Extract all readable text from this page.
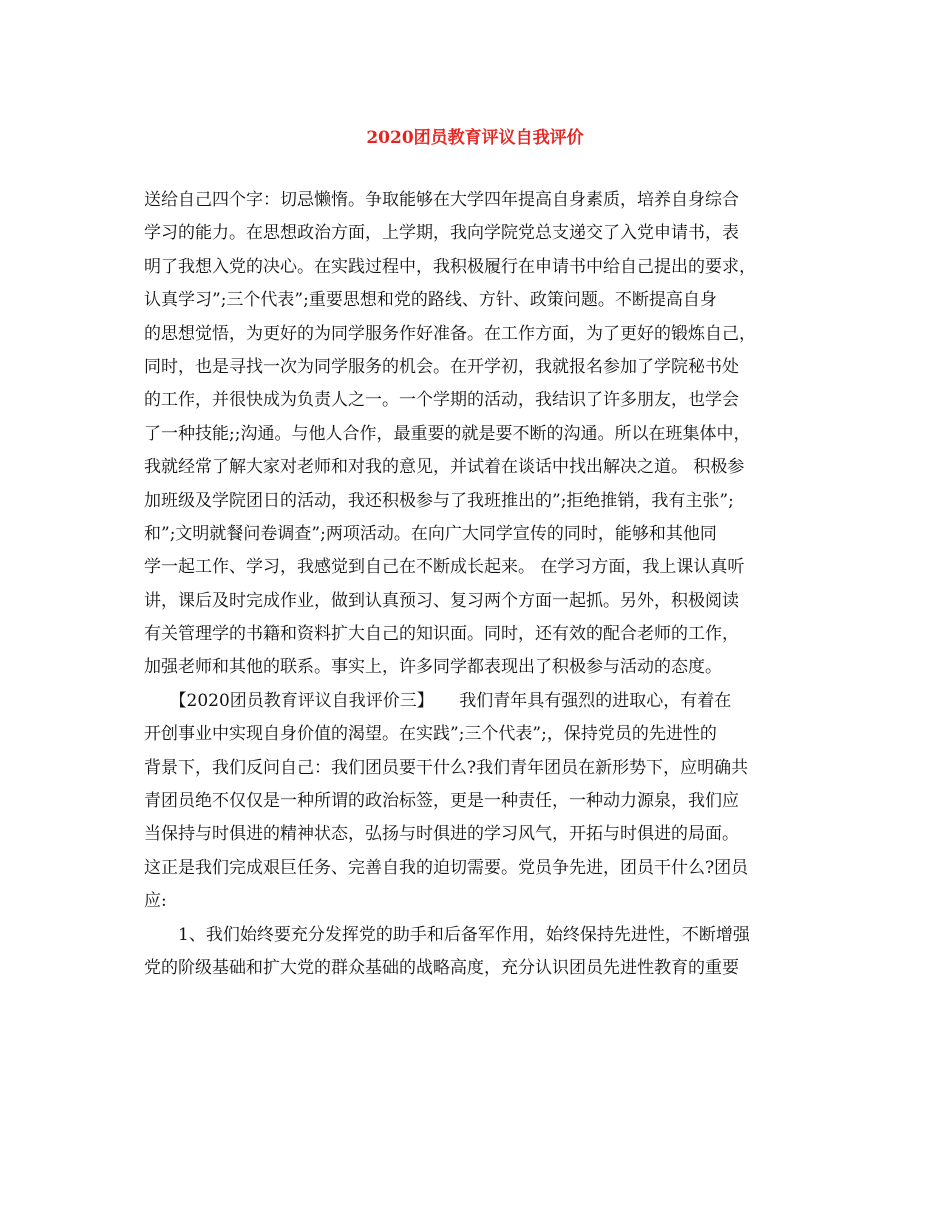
2020团员教育评议自我评价
送给自己四个字：切忌懒惰。争取能够在大学四年提高自身素质，培养自身综合
学习的能力。在思想政治方面，上学期，我向学院党总支递交了入党申请书，表
明了我想入党的决心。在实践过程中，我积极履行在申请书中给自己提出的要求，
认真学习”;三个代表”;重要思想和党的路线、方针、政策问题。不断提高自身
的思想觉悟，为更好的为同学服务作好准备。在工作方面，为了更好的锻炼自己，
同时，也是寻找一次为同学服务的机会。在开学初，我就报名参加了学院秘书处
的工作，并很快成为负责人之一。一个学期的活动，我结识了许多朋友，也学会
了一种技能;;沟通。与他人合作，最重要的就是要不断的沟通。所以在班集体中，
我就经常了解大家对老师和对我的意见，并试着在谈话中找出解决之道。 积极参
加班级及学院团日的活动，我还积极参与了我班推出的”;拒绝推销，我有主张”;
和”;文明就餐问卷调查”;两项活动。在向广大同学宣传的同时，能够和其他同
学一起工作、学习，我感觉到自己在不断成长起来。 在学习方面，我上课认真听
讲，课后及时完成作业，做到认真预习、复习两个方面一起抓。另外，积极阅读
有关管理学的书籍和资料扩大自己的知识面。同时，还有效的配合老师的工作，
加强老师和其他的联系。事实上，许多同学都表现出了积极参与活动的态度。
　　【2020团员教育评议自我评价三】　　我们青年具有强烈的进取心，有着在
开创事业中实现自身价值的渴望。在实践”;三个代表”;，保持党员的先进性的
背景下，我们反问自己：我们团员要干什么?我们青年团员在新形势下，应明确共
青团员绝不仅仅是一种所谓的政治标签，更是一种责任，一种动力源泉，我们应
当保持与时俱进的精神状态，弘扬与时俱进的学习风气，开拓与时俱进的局面。
这正是我们完成艰巨任务、完善自我的迫切需要。党员争先进，团员干什么?团员
应:
　　1、我们始终要充分发挥党的助手和后备军作用，始终保持先进性，不断增强
党的阶级基础和扩大党的群众基础的战略高度，充分认识团员先进性教育的重要
